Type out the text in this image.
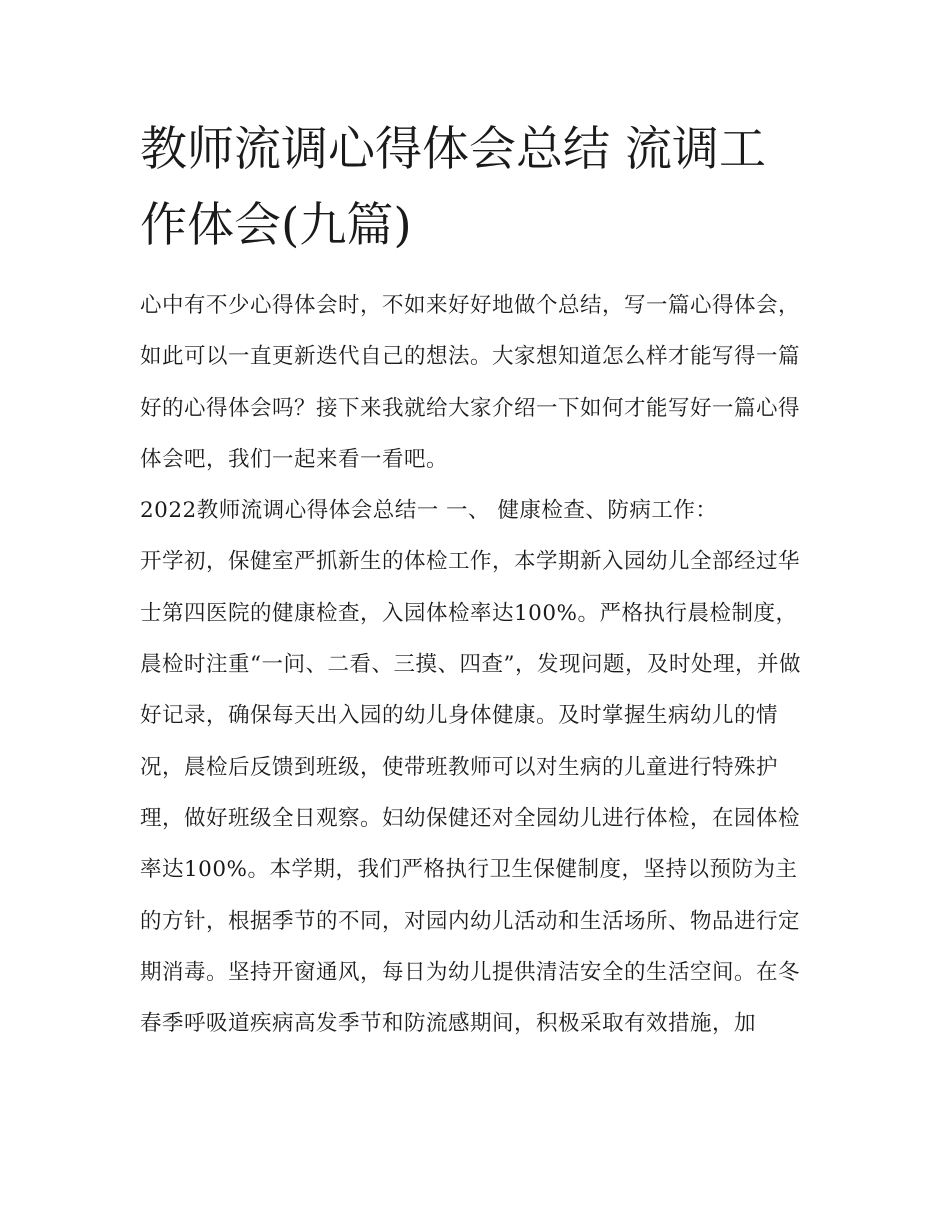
教师流调心得体会总结 流调工作体会(九篇)

心中有不少心得体会时，不如来好好地做个总结，写一篇心得体会，如此可以一直更新迭代自己的想法。大家想知道怎么样才能写得一篇好的心得体会吗？接下来我就给大家介绍一下如何才能写好一篇心得体会吧，我们一起来看一看吧。

2022教师流调心得体会总结一 一、 健康检查、防病工作：

开学初，保健室严抓新生的体检工作，本学期新入园幼儿全部经过华士第四医院的健康检查，入园体检率达100%。严格执行晨检制度，晨检时注重“一问、二看、三摸、四查”，发现问题，及时处理，并做好记录，确保每天出入园的幼儿身体健康。及时掌握生病幼儿的情况，晨检后反馈到班级，使带班教师可以对生病的儿童进行特殊护理，做好班级全日观察。妇幼保健还对全园幼儿进行体检，在园体检率达100%。本学期，我们严格执行卫生保健制度，坚持以预防为主的方针，根据季节的不同，对园内幼儿活动和生活场所、物品进行定期消毒。坚持开窗通风，每日为幼儿提供清洁安全的生活空间。在冬春季呼吸道疾病高发季节和防流感期间，积极采取有效措施，加
